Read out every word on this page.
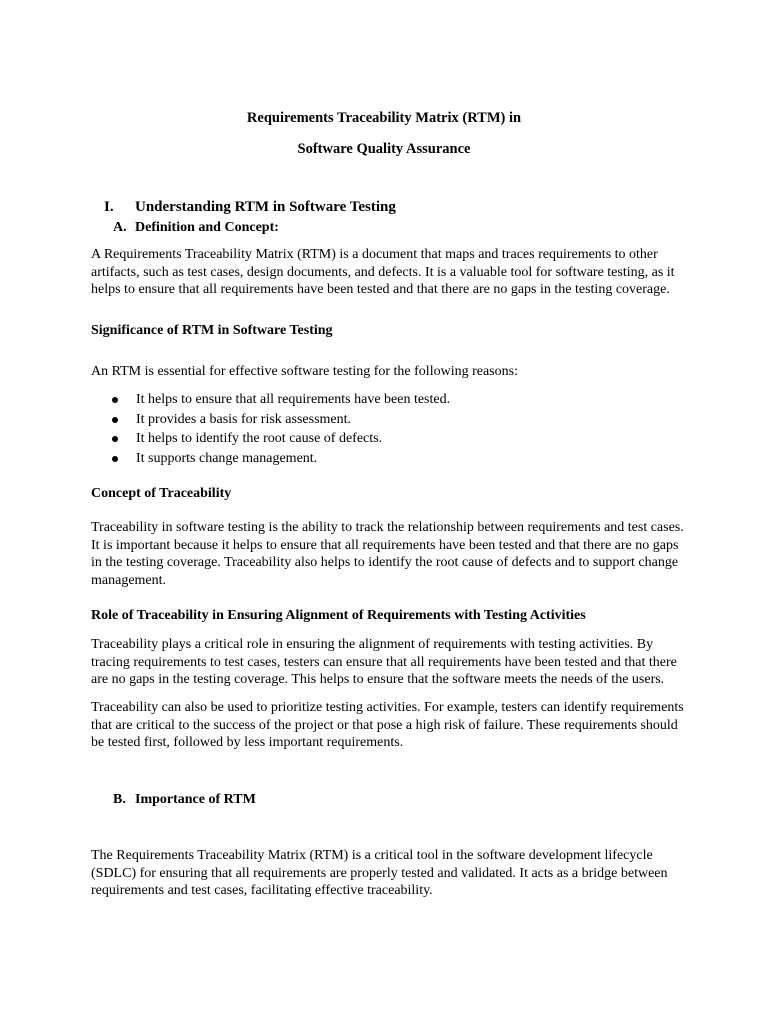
Requirements Traceability Matrix (RTM) in

Software Quality Assurance

I. Understanding RTM in Software Testing
A. Definition and Concept:

A Requirements Traceability Matrix (RTM) is a document that maps and traces requirements to other artifacts, such as test cases, design documents, and defects. It is a valuable tool for software testing, as it helps to ensure that all requirements have been tested and that there are no gaps in the testing coverage.

Significance of RTM in Software Testing

An RTM is essential for effective software testing for the following reasons:

It helps to ensure that all requirements have been tested.
It provides a basis for risk assessment.
It helps to identify the root cause of defects.
It supports change management.

Concept of Traceability

Traceability in software testing is the ability to track the relationship between requirements and test cases. It is important because it helps to ensure that all requirements have been tested and that there are no gaps in the testing coverage. Traceability also helps to identify the root cause of defects and to support change management.

Role of Traceability in Ensuring Alignment of Requirements with Testing Activities

Traceability plays a critical role in ensuring the alignment of requirements with testing activities. By tracing requirements to test cases, testers can ensure that all requirements have been tested and that there are no gaps in the testing coverage. This helps to ensure that the software meets the needs of the users.

Traceability can also be used to prioritize testing activities. For example, testers can identify requirements that are critical to the success of the project or that pose a high risk of failure. These requirements should be tested first, followed by less important requirements.

B. Importance of RTM

The Requirements Traceability Matrix (RTM) is a critical tool in the software development lifecycle (SDLC) for ensuring that all requirements are properly tested and validated. It acts as a bridge between requirements and test cases, facilitating effective traceability.
